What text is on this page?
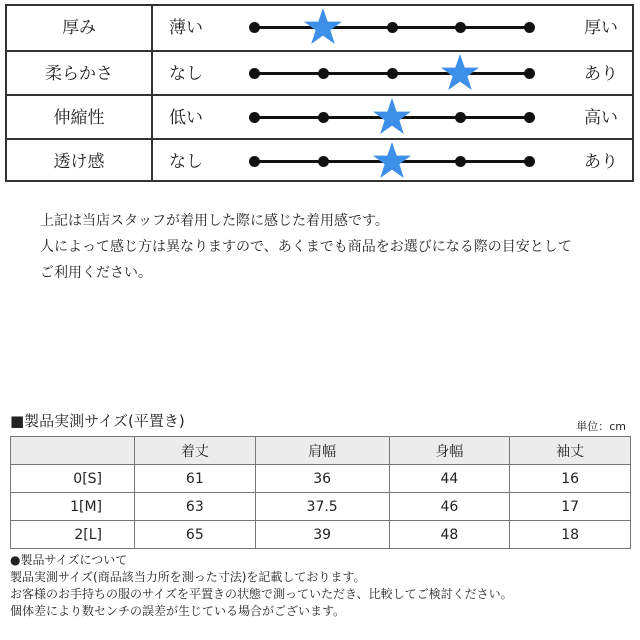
厚み	薄い	厚い
柔らかさ	なし	あり
伸縮性	低い	高い
透け感	なし	あり

上記は当店スタッフが着用した際に感じた着用感です。

人によって感じ方は異なりますので、あくまでも商品をお選びになる際の目安として

ご利用ください。

■製品実測サイズ(平置き)	単位：cm
	着丈	肩幅	身幅	袖丈
0[S]	61	36	44	16
1[M]	63	37.5	46	17
2[L]	65	39	48	18

●製品サイズについて

製品実測サイズ(商品該当力所を測った寸法)を記載しております。

お客様のお手持ちの服のサイズを平置きの状態で測っていただき、比較してご検討ください。

個体差により数センチの誤差が生じている場合がございます。
